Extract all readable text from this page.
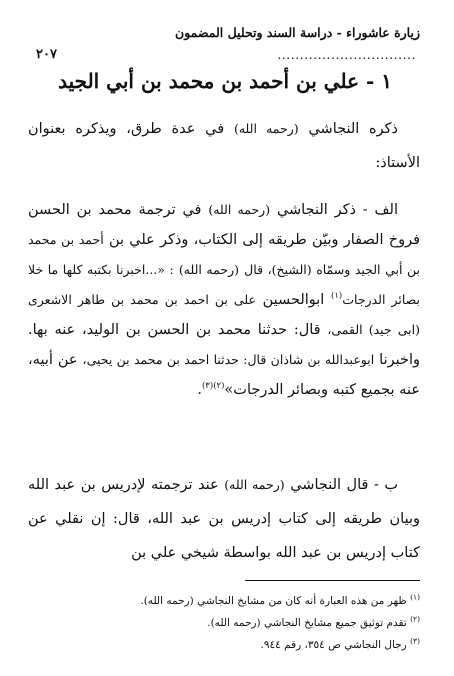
زيارة عاشوراء - دراسة السند وتحليل المضمون
...............................
٢٠٧
١ - علي بن أحمد بن محمد بن أبي الجيد
ذكره النجاشي (رحمه الله) في عدة طرق، ويذكره بعنوان الأستاذ:
الف - ذكر النجاشي (رحمه الله) في ترجمة محمد بن الحسن فروخ الصفار وبيّن طريقه إلى الكتاب، وذكر علي بن أحمد بن محمد بن أبي الجيد وسمّاه (الشيخ)، قال (رحمه الله) : «...اخبرنا بكتبه كلها ما خلا بصائر الدرجات$^{(١)}$ ابوالحسين على بن احمد بن محمد بن طاهر الاشعرى (ابى جيد) القمى، قال: حدثنا محمد بن الحسن بن الوليد، عنه بها. واخبرنا ابوعبدالله بن شاذان قال: حدثنا احمد بن محمد بن يحيى، عن أبيه، عنه بجميع كتبه وبصائر الدرجات»$^{(٢)(٣)}$.
ب - قال النجاشي (رحمه الله) عند ترجمته لإدريس بن عبد الله وبيان طريقه إلى كتاب إدريس بن عبد الله، قال: إن نقلي عن كتاب إدريس بن عبد الله بواسطة شيخي علي بن
$^{(١)}$ ظهر من هذه العبارة أنه كان من مشايخ النجاشي (رحمه الله).
$^{(٢)}$ تقدم توثيق جميع مشايخ النجاشي (رحمه الله).
$^{(٣)}$ رجال النجاشي ص ٣٥٤، رقم ٩٤٤.
